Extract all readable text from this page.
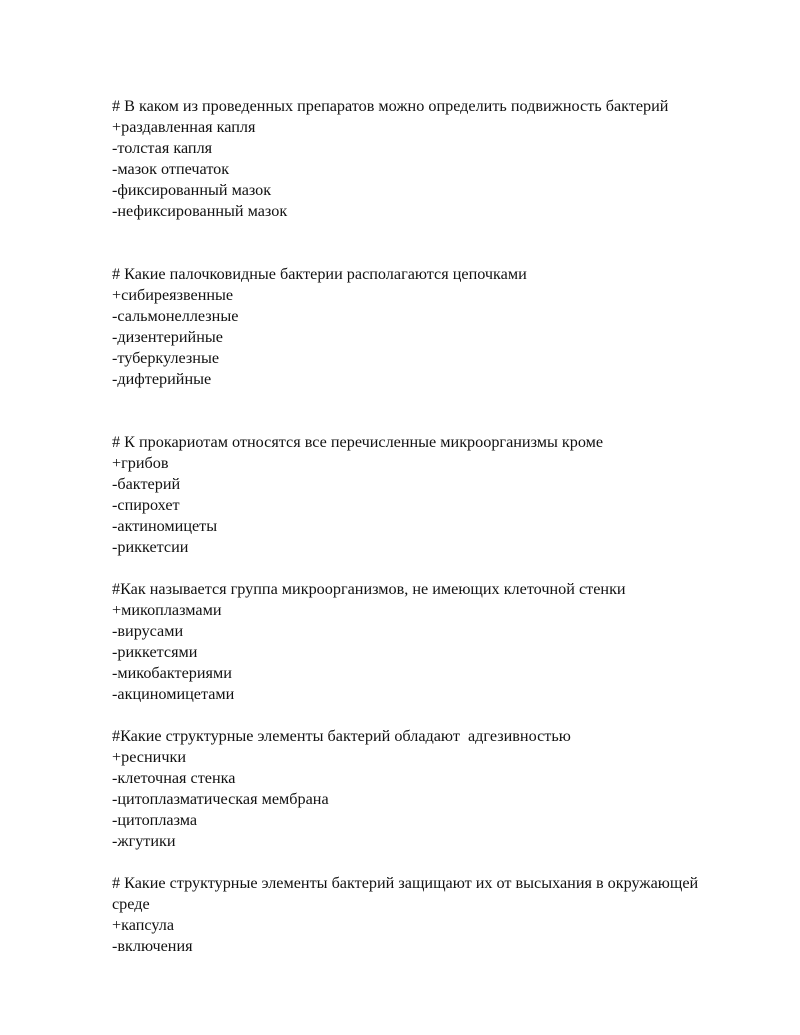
# В каком из проведенных препаратов можно определить подвижность бактерий
+раздавленная капля
-толстая капля
-мазок отпечаток
-фиксированный мазок
-нефиксированный мазок
# Какие палочковидные бактерии располагаются цепочками
+сибиреязвенные
-сальмонеллезные
-дизентерийные
-туберкулезные
-дифтерийные
# К прокариотам относятся все перечисленные микроорганизмы кроме
+грибов
-бактерий
-спирохет
-актиномицеты
-риккетсии
#Как называется группа микроорганизмов, не имеющих клеточной стенки
+микоплазмами
-вирусами
-риккетсями
-микобактериями
-акциномицетами
#Какие структурные элементы бактерий обладают  адгезивностью
+реснички
-клеточная стенка
-цитоплазматическая мембрана
-цитоплазма
-жгутики
# Какие структурные элементы бактерий защищают их от высыхания в окружающей среде
+капсула
-включения
